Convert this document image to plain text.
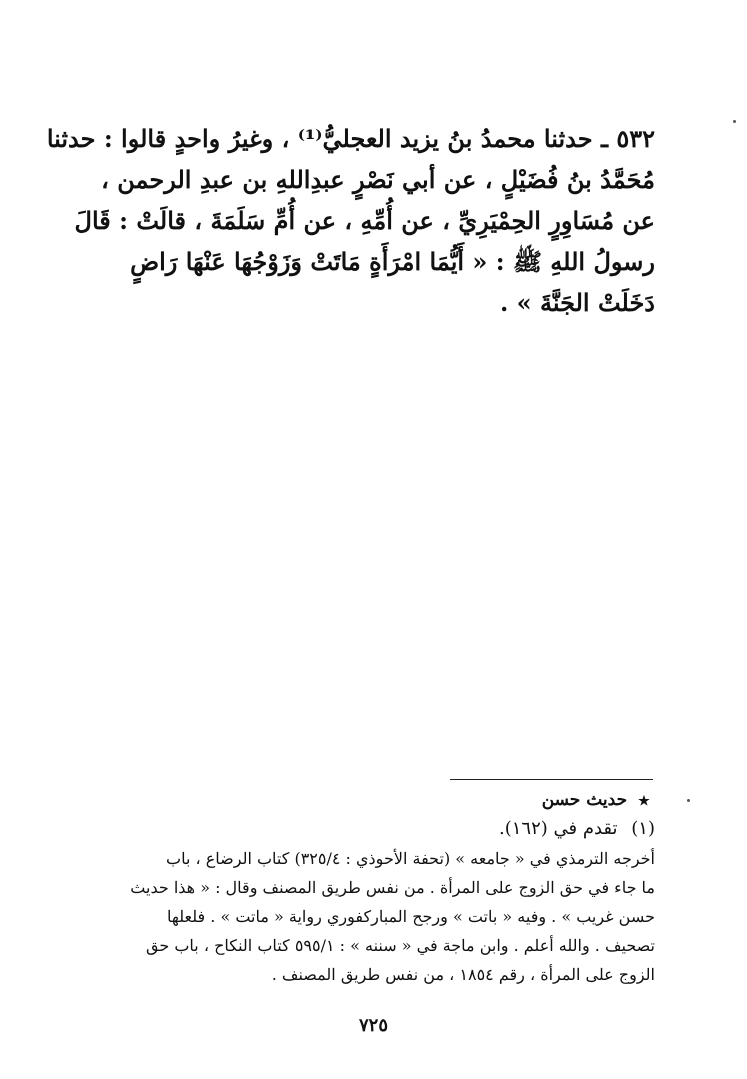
٥٣٢ ـ حدثنا محمدُ بنُ يزيد العجليُّ⁽¹⁾ ، وغيرُ واحدٍ قالوا : حدثنا
مُحَمَّدُ بنُ فُضَيْلٍ ، عن أبي نَصْرٍ عبدِاللهِ بن عبدِ الرحمن ،
عن مُسَاوِرٍ الحِمْيَرِيِّ ، عن أُمِّهِ ، عن أُمِّ سَلَمَةَ ، قالَتْ : قَالَ
رسولُ اللهِ ﷺ : « أَيُّمَا امْرَأَةٍ مَاتَتْ وَزَوْجُهَا عَنْهَا رَاضٍ
دَخَلَتْ الجَنَّةَ » .
★ حديث حسن
(١) تقدم في (١٦٢).
أخرجه الترمذي في « جامعه » (تحفة الأحوذي : ٣٢٥/٤) كتاب الرضاع ، باب
ما جاء في حق الزوج على المرأة . من نفس طريق المصنف وقال : « هذا حديث
حسن غريب » . وفيه « باتت » ورجح المباركفوري رواية « ماتت » . فلعلها
تصحيف . والله أعلم . وابن ماجة في « سننه » : ٥٩٥/١ كتاب النكاح ، باب حق
الزوج على المرأة ، رقم ١٨٥٤ ، من نفس طريق المصنف .
٧٢٥
